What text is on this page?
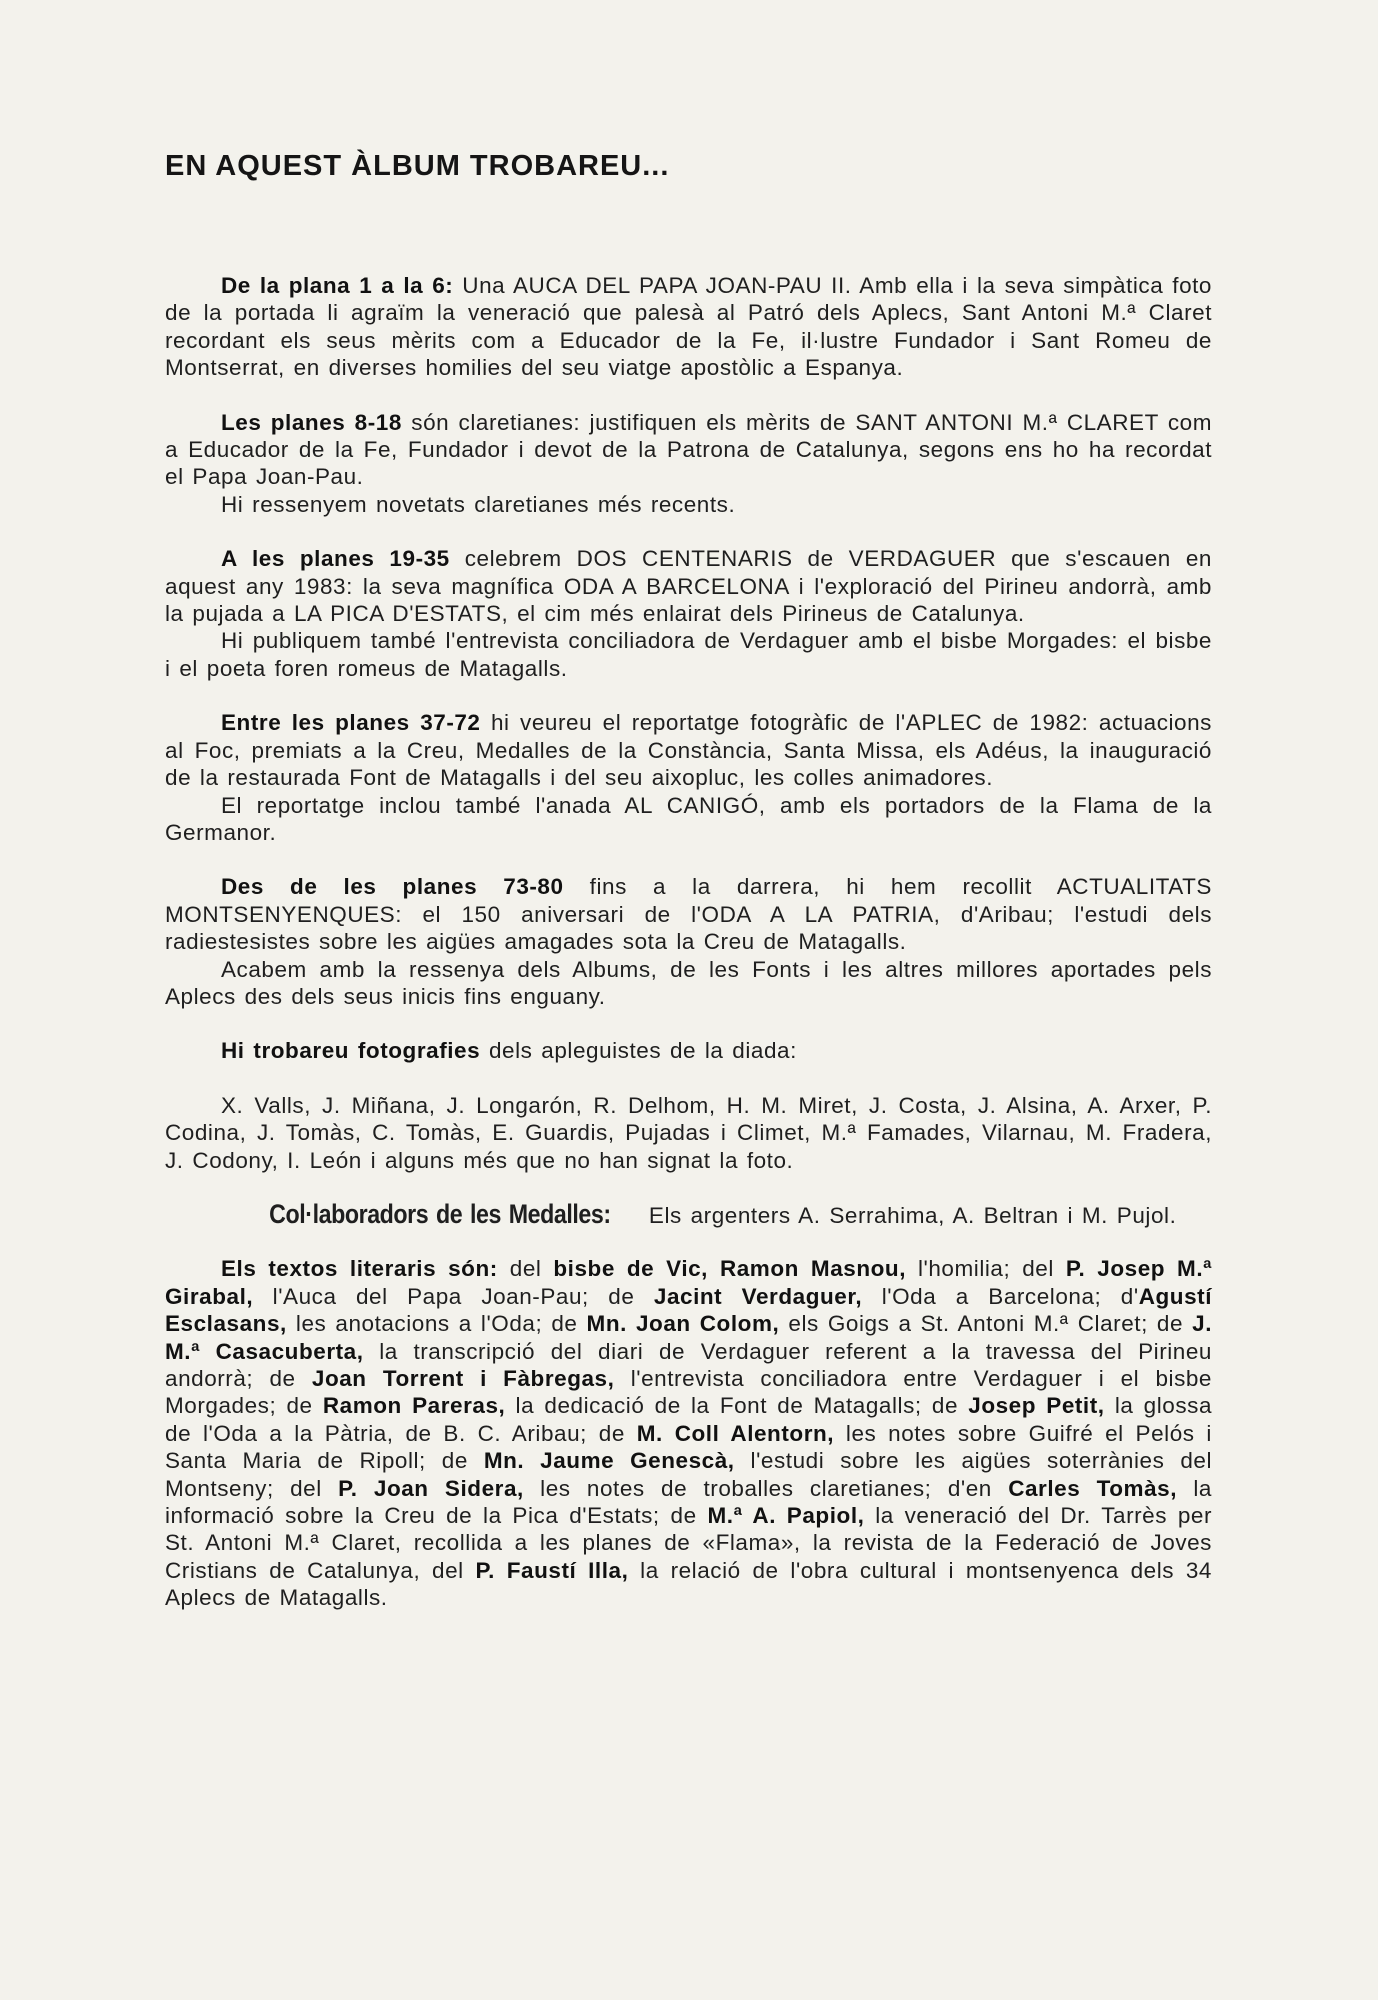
EN AQUEST ÀLBUM TROBAREU...

De la plana 1 a la 6: Una AUCA DEL PAPA JOAN-PAU II. Amb ella i la seva simpàtica foto de la portada li agraïm la veneració que palesà al Patró dels Aplecs, Sant Antoni M.ª Claret recordant els seus mèrits com a Educador de la Fe, il·lustre Fundador i Sant Romeu de Montserrat, en diverses homilies del seu viatge apostòlic a Espanya.

Les planes 8-18 són claretianes: justifiquen els mèrits de SANT ANTONI M.ª CLARET com a Educador de la Fe, Fundador i devot de la Patrona de Catalunya, segons ens ho ha recordat el Papa Joan-Pau.

Hi ressenyem novetats claretianes més recents.

A les planes 19-35 celebrem DOS CENTENARIS de VERDAGUER que s'escauen en aquest any 1983: la seva magnífica ODA A BARCELONA i l'exploració del Pirineu andorrà, amb la pujada a LA PICA D'ESTATS, el cim més enlairat dels Pirineus de Catalunya.

Hi publiquem també l'entrevista conciliadora de Verdaguer amb el bisbe Morgades: el bisbe i el poeta foren romeus de Matagalls.

Entre les planes 37-72 hi veureu el reportatge fotogràfic de l'APLEC de 1982: actuacions al Foc, premiats a la Creu, Medalles de la Constància, Santa Missa, els Adéus, la inauguració de la restaurada Font de Matagalls i del seu aixopluc, les colles animadores.

El reportatge inclou també l'anada AL CANIGÓ, amb els portadors de la Flama de la Germanor.

Des de les planes 73-80 fins a la darrera, hi hem recollit ACTUALITATS MONTSENYENQUES: el 150 aniversari de l'ODA A LA PATRIA, d'Aribau; l'estudi dels radiestesistes sobre les aigües amagades sota la Creu de Matagalls.

Acabem amb la ressenya dels Albums, de les Fonts i les altres millores aportades pels Aplecs des dels seus inicis fins enguany.

Hi trobareu fotografies dels apleguistes de la diada:

X. Valls, J. Miñana, J. Longarón, R. Delhom, H. M. Miret, J. Costa, J. Alsina, A. Arxer, P. Codina, J. Tomàs, C. Tomàs, E. Guardis, Pujadas i Climet, M.ª Famades, Vilarnau, M. Fradera, J. Codony, I. León i alguns més que no han signat la foto.

Col·laboradors de les Medalles: Els argenters A. Serrahima, A. Beltran i M. Pujol.

Els textos literaris són: del bisbe de Vic, Ramon Masnou, l'homilia; del P. Josep M.ª Girabal, l'Auca del Papa Joan-Pau; de Jacint Verdaguer, l'Oda a Barcelona; d'Agustí Esclasans, les anotacions a l'Oda; de Mn. Joan Colom, els Goigs a St. Antoni M.ª Claret; de J. M.ª Casacuberta, la transcripció del diari de Verdaguer referent a la travessa del Pirineu andorrà; de Joan Torrent i Fàbregas, l'entrevista conciliadora entre Verdaguer i el bisbe Morgades; de Ramon Pareras, la dedicació de la Font de Matagalls; de Josep Petit, la glossa de l'Oda a la Pàtria, de B. C. Aribau; de M. Coll Alentorn, les notes sobre Guifré el Pelós i Santa Maria de Ripoll; de Mn. Jaume Genescà, l'estudi sobre les aigües soterrànies del Montseny; del P. Joan Sidera, les notes de troballes claretianes; d'en Carles Tomàs, la informació sobre la Creu de la Pica d'Estats; de M.ª A. Papiol, la veneració del Dr. Tarrès per St. Antoni M.ª Claret, recollida a les planes de «Flama», la revista de la Federació de Joves Cristians de Catalunya, del P. Faustí Illa, la relació de l'obra cultural i montsenyenca dels 34 Aplecs de Matagalls.
